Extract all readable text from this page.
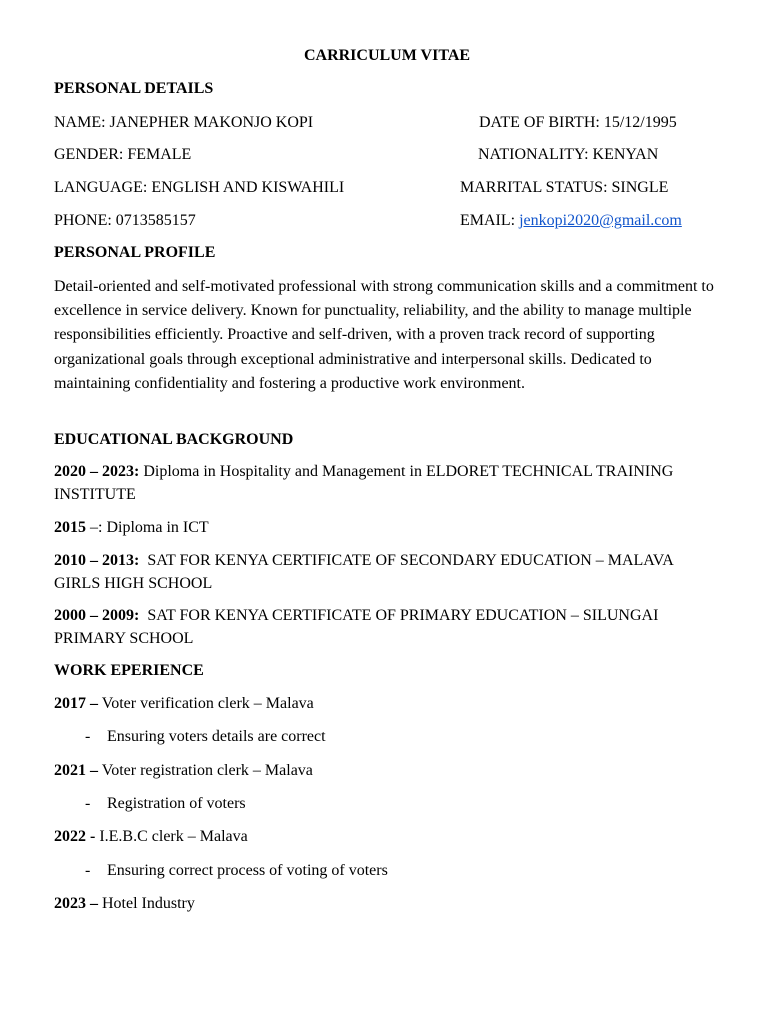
CARRICULUM VITAE
PERSONAL DETAILS
NAME: JANEPHER MAKONJO KOPI	DATE OF BIRTH: 15/12/1995
GENDER: FEMALE	NATIONALITY: KENYAN
LANGUAGE: ENGLISH AND KISWAHILI	MARRITAL STATUS: SINGLE
PHONE: 0713585157	EMAIL: jenkopi2020@gmail.com
PERSONAL PROFILE
Detail-oriented and self-motivated professional with strong communication skills and a commitment to excellence in service delivery. Known for punctuality, reliability, and the ability to manage multiple responsibilities efficiently. Proactive and self-driven, with a proven track record of supporting organizational goals through exceptional administrative and interpersonal skills. Dedicated to maintaining confidentiality and fostering a productive work environment.
EDUCATIONAL BACKGROUND
2020 – 2023: Diploma in Hospitality and Management in ELDORET TECHNICAL TRAINING INSTITUTE
2015 –: Diploma in ICT
2010 – 2013:  SAT FOR KENYA CERTIFICATE OF SECONDARY EDUCATION – MALAVA GIRLS HIGH SCHOOL
2000 – 2009:  SAT FOR KENYA CERTIFICATE OF PRIMARY EDUCATION – SILUNGAI PRIMARY SCHOOL
WORK EPERIENCE
2017 – Voter verification clerk – Malava
- Ensuring voters details are correct
2021 – Voter registration clerk – Malava
- Registration of voters
2022 - I.E.B.C clerk – Malava
- Ensuring correct process of voting of voters
2023 – Hotel Industry
